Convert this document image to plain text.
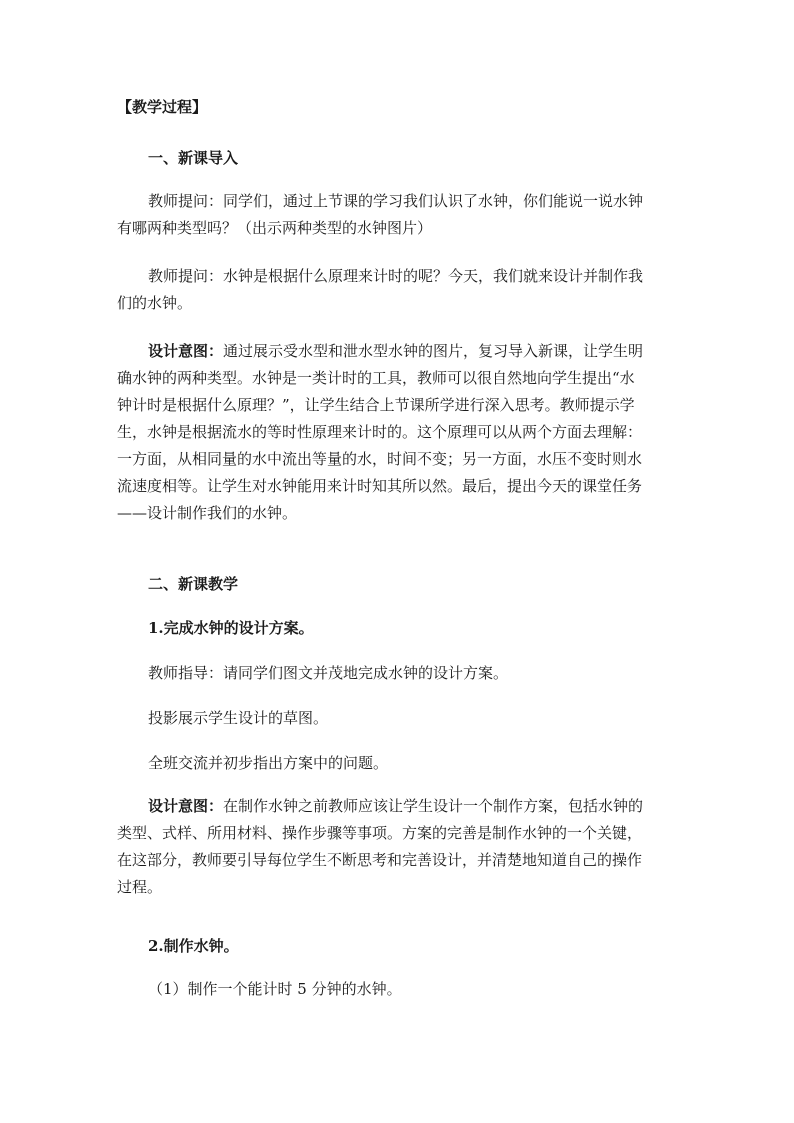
【教学过程】

一、新课导入

教师提问：同学们，通过上节课的学习我们认识了水钟，你们能说一说水钟
有哪两种类型吗？（出示两种类型的水钟图片）

教师提问：水钟是根据什么原理来计时的呢？今天，我们就来设计并制作我
们的水钟。

设计意图：通过展示受水型和泄水型水钟的图片，复习导入新课，让学生明
确水钟的两种类型。水钟是一类计时的工具，教师可以很自然地向学生提出“水
钟计时是根据什么原理？”，让学生结合上节课所学进行深入思考。教师提示学
生，水钟是根据流水的等时性原理来计时的。这个原理可以从两个方面去理解：
一方面，从相同量的水中流出等量的水，时间不变；另一方面，水压不变时则水
流速度相等。让学生对水钟能用来计时知其所以然。最后，提出今天的课堂任务
——设计制作我们的水钟。

二、新课教学

1.完成水钟的设计方案。

教师指导：请同学们图文并茂地完成水钟的设计方案。

投影展示学生设计的草图。

全班交流并初步指出方案中的问题。

设计意图：在制作水钟之前教师应该让学生设计一个制作方案，包括水钟的
类型、式样、所用材料、操作步骤等事项。方案的完善是制作水钟的一个关键，
在这部分，教师要引导每位学生不断思考和完善设计，并清楚地知道自己的操作
过程。

2.制作水钟。

（1）制作一个能计时 5 分钟的水钟。
